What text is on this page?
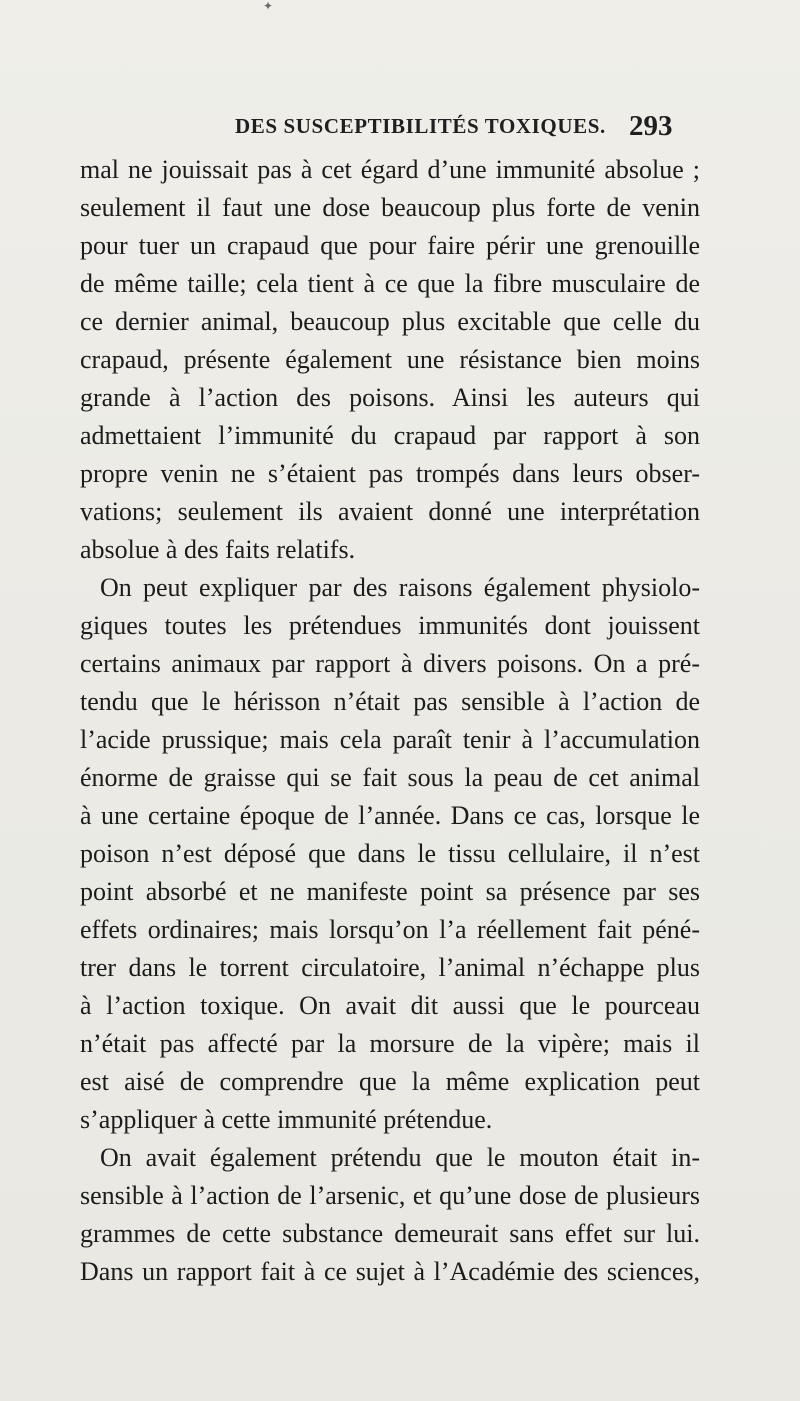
✦
DES SUSCEPTIBILITÉS TOXIQUES. 293
mal ne jouissait pas à cet égard d’une immunité absolue ;
seulement il faut une dose beaucoup plus forte de venin
pour tuer un crapaud que pour faire périr une grenouille
de même taille; cela tient à ce que la fibre musculaire de
ce dernier animal, beaucoup plus excitable que celle du
crapaud, présente également une résistance bien moins
grande à l’action des poisons. Ainsi les auteurs qui
admettaient l’immunité du crapaud par rapport à son
propre venin ne s’étaient pas trompés dans leurs obser-
vations; seulement ils avaient donné une interprétation
absolue à des faits relatifs.
On peut expliquer par des raisons également physiolo-
giques toutes les prétendues immunités dont jouissent
certains animaux par rapport à divers poisons. On a pré-
tendu que le hérisson n’était pas sensible à l’action de
l’acide prussique; mais cela paraît tenir à l’accumulation
énorme de graisse qui se fait sous la peau de cet animal
à une certaine époque de l’année. Dans ce cas, lorsque le
poison n’est déposé que dans le tissu cellulaire, il n’est
point absorbé et ne manifeste point sa présence par ses
effets ordinaires; mais lorsqu’on l’a réellement fait péné-
trer dans le torrent circulatoire, l’animal n’échappe plus
à l’action toxique. On avait dit aussi que le pourceau
n’était pas affecté par la morsure de la vipère; mais il
est aisé de comprendre que la même explication peut
s’appliquer à cette immunité prétendue.
On avait également prétendu que le mouton était in-
sensible à l’action de l’arsenic, et qu’une dose de plusieurs
grammes de cette substance demeurait sans effet sur lui.
Dans un rapport fait à ce sujet à l’Académie des sciences,
